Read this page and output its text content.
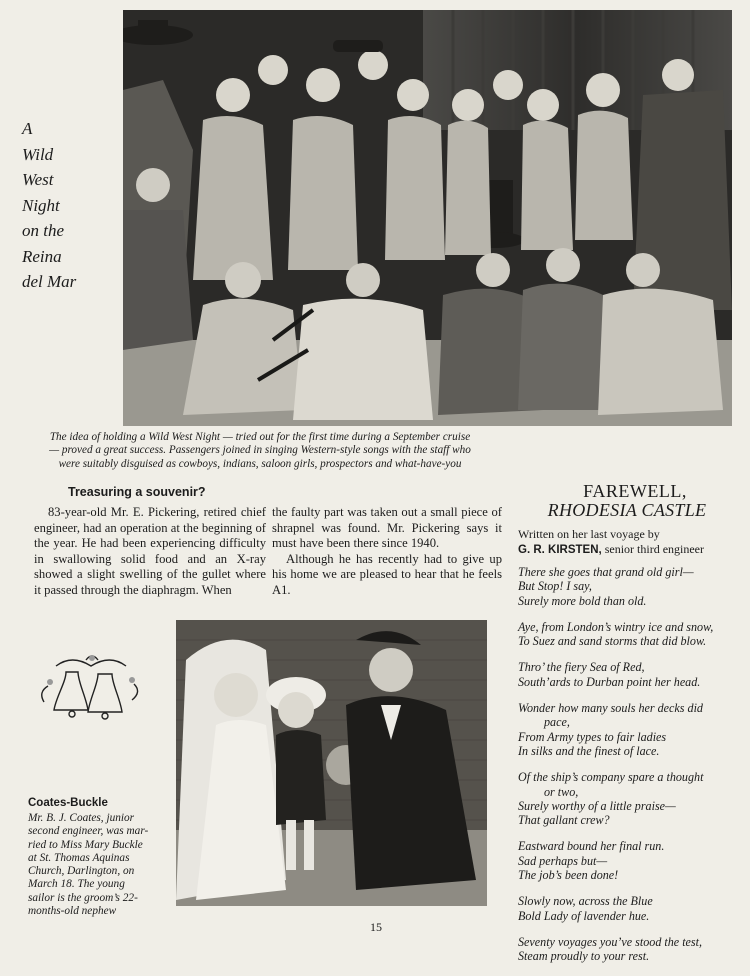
A
Wild
West
Night
on the
Reina
del Mar
The idea of holding a Wild West Night — tried out for the first time during a September cruise
— proved a great success. Passengers joined in singing Western-style songs with the staff who
were suitably disguised as cowboys, indians, saloon girls, prospectors and what-have-you
Treasuring a souvenir?

83-year-old Mr. E. Pickering, retired chief engineer, had an operation at the beginning of the year. He had been experiencing difficulty in swallowing solid food and an X-ray showed a slight swelling of the gullet where it passed through the diaphragm. When

the faulty part was taken out a small piece of shrapnel was found. Mr. Pickering says it must have been there since 1940.

Although he has recently had to give up his home we are pleased to hear that he feels A1.

FAREWELL,
RHODESIA CASTLE
Written on her last voyage by
G. R. KIRSTEN, senior third engineer
There she goes that grand old girl—
But Stop! I say,
Surely more bold than old.
Aye, from London’s wintry ice and snow,
To Suez and sand storms that did blow.
Thro’ the fiery Sea of Red,
South’ards to Durban point her head.
Wonder how many souls her decks did
pace,
From Army types to fair ladies
In silks and the finest of lace.
Of the ship’s company spare a thought
or two,
Surely worthy of a little praise—
That gallant crew?
Eastward bound her final run.
Sad perhaps but—
The job’s been done!
Slowly now, across the Blue
Bold Lady of lavender hue.
Seventy voyages you’ve stood the test,
Steam proudly to your rest.
Coates-Buckle
Mr. B. J. Coates, junior
second engineer, was mar-
ried to Miss Mary Buckle
at St. Thomas Aquinas
Church, Darlington, on
March 18. The young
sailor is the groom’s 22-
months-old nephew
15
